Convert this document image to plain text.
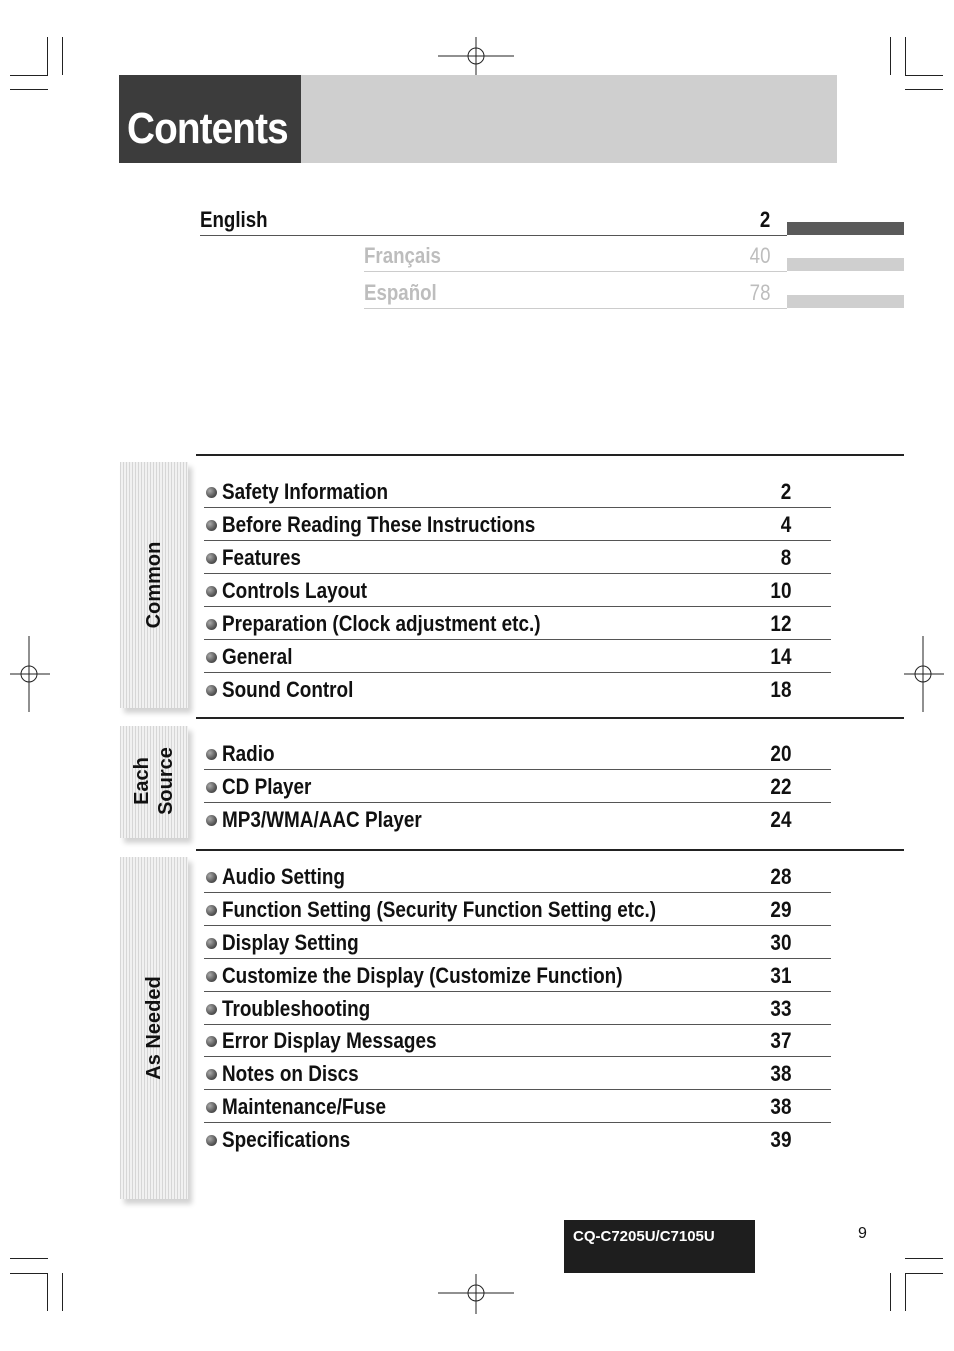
Contents
English	2
Français	40
Español	78
Common
Safety Information	2
Before Reading These Instructions	4
Features	8
Controls Layout	10
Preparation (Clock adjustment etc.)	12
General	14
Sound Control	18
Each Source Radio	20
CD Player	22
MP3/WMA/AAC Player	24
As Needed
Audio Setting	28
Function Setting (Security Function Setting etc.)	29
Display Setting	30
Customize the Display (Customize Function)	31
Troubleshooting	33
Error Display Messages	37
Notes on Discs	38
Maintenance/Fuse	38
Specifications	39
CQ-C7205U/C7105U	9
